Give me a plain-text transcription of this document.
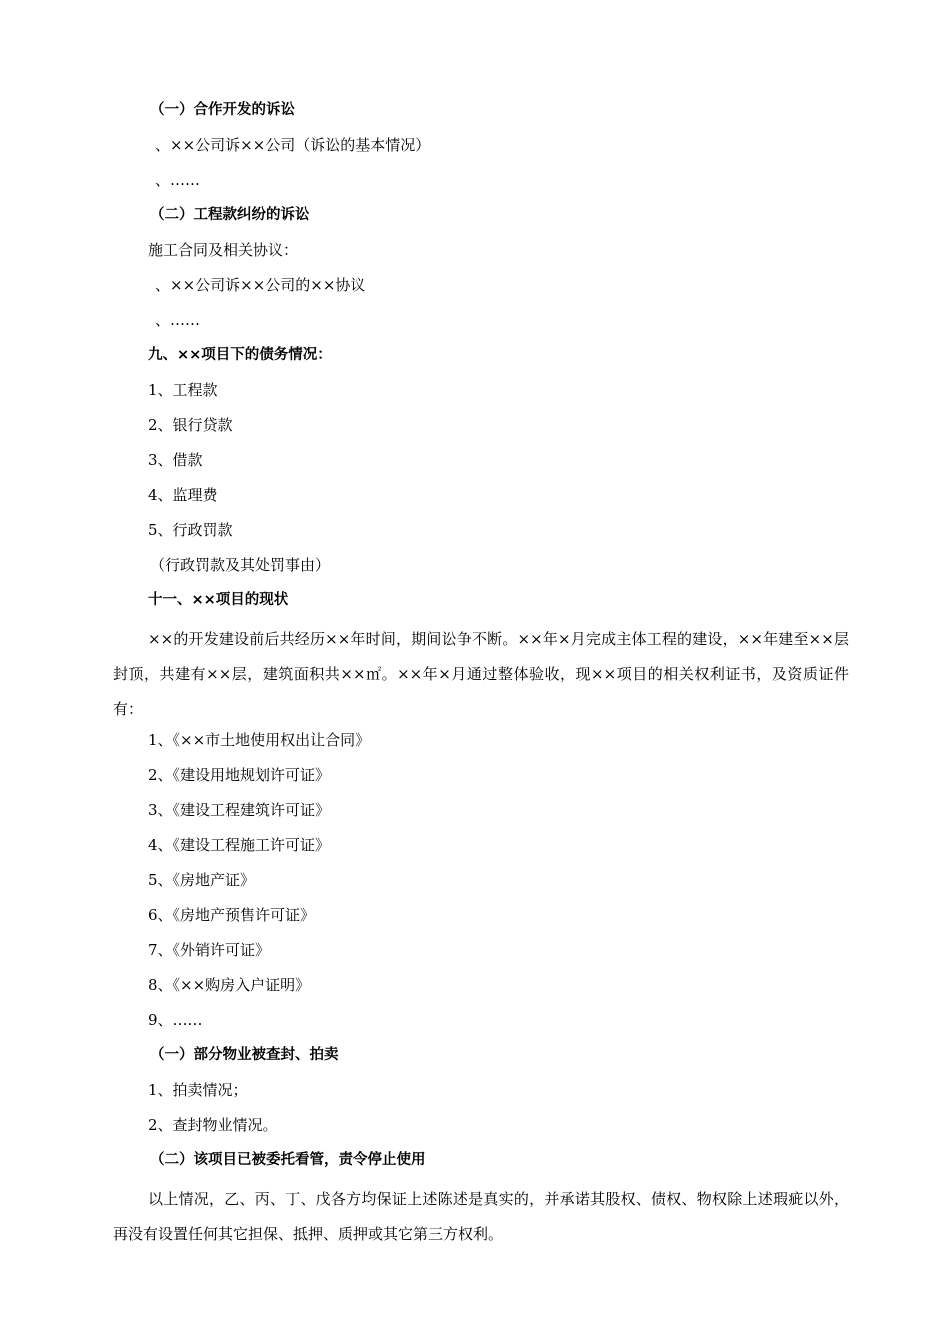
（一）合作开发的诉讼
、××公司诉××公司（诉讼的基本情况）
、……
（二）工程款纠纷的诉讼
施工合同及相关协议：
、××公司诉××公司的××协议
、……
九、××项目下的债务情况：
1、工程款
2、银行贷款
3、借款
4、监理费
5、行政罚款
（行政罚款及其处罚事由）
十一、××项目的现状
××的开发建设前后共经历××年时间，期间讼争不断。××年×月完成主体工程的建设，××年建至××层封顶，共建有××层，建筑面积共××㎡。××年×月通过整体验收，现××项目的相关权利证书，及资质证件有：
1、《××市土地使用权出让合同》
2、《建设用地规划许可证》
3、《建设工程建筑许可证》
4、《建设工程施工许可证》
5、《房地产证》
6、《房地产预售许可证》
7、《外销许可证》
8、《××购房入户证明》
9、……
（一）部分物业被查封、拍卖
1、拍卖情况；
2、查封物业情况。
（二）该项目已被委托看管，责令停止使用
以上情况，乙、丙、丁、戊各方均保证上述陈述是真实的，并承诺其股权、债权、物权除上述瑕疵以外，再没有设置任何其它担保、抵押、质押或其它第三方权利。
